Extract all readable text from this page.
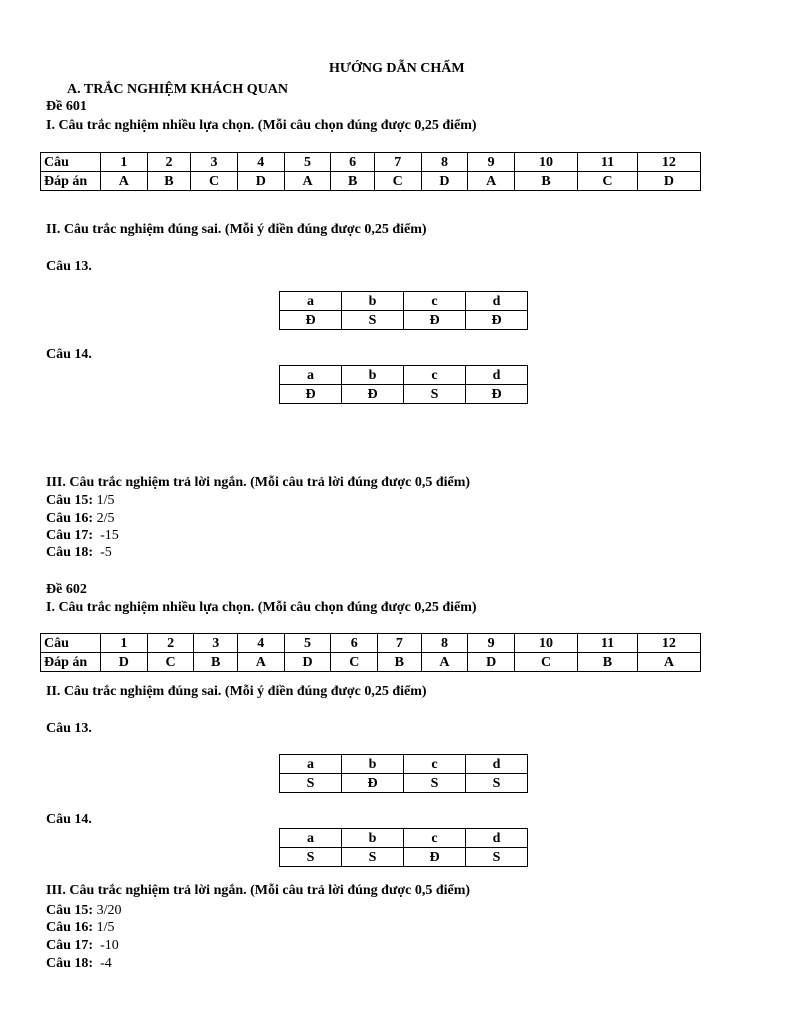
HƯỚNG DẪN CHẤM
A. TRẮC NGHIỆM KHÁCH QUAN
Đề 601
I. Câu trắc nghiệm nhiều lựa chọn. (Mỗi câu chọn đúng được 0,25 điểm)
Câu	1	2	3	4	5	6	7	8	9	10	11	12
Đáp án	A	B	C	D	A	B	C	D	A	B	C	D
II. Câu trắc nghiệm đúng sai. (Mỗi ý điền đúng được 0,25 điểm)
Câu 13.
a	b	c	d
Đ	S	Đ	Đ
Câu 14.
a	b	c	d
Đ	Đ	S	Đ
III. Câu trắc nghiệm trả lời ngắn. (Mỗi câu trả lời đúng được 0,5 điểm)
Câu 15: 1/5
Câu 16: 2/5
Câu 17:  -15
Câu 18:  -5
Đề 602
I. Câu trắc nghiệm nhiều lựa chọn. (Mỗi câu chọn đúng được 0,25 điểm)
Câu	1	2	3	4	5	6	7	8	9	10	11	12
Đáp án	D	C	B	A	D	C	B	A	D	C	B	A
II. Câu trắc nghiệm đúng sai. (Mỗi ý điền đúng được 0,25 điểm)
Câu 13.
a	b	c	d
S	Đ	S	S
Câu 14.
a	b	c	d
S	S	Đ	S
III. Câu trắc nghiệm trả lời ngắn. (Mỗi câu trả lời đúng được 0,5 điểm)
Câu 15: 3/20
Câu 16: 1/5
Câu 17:  -10
Câu 18:  -4
